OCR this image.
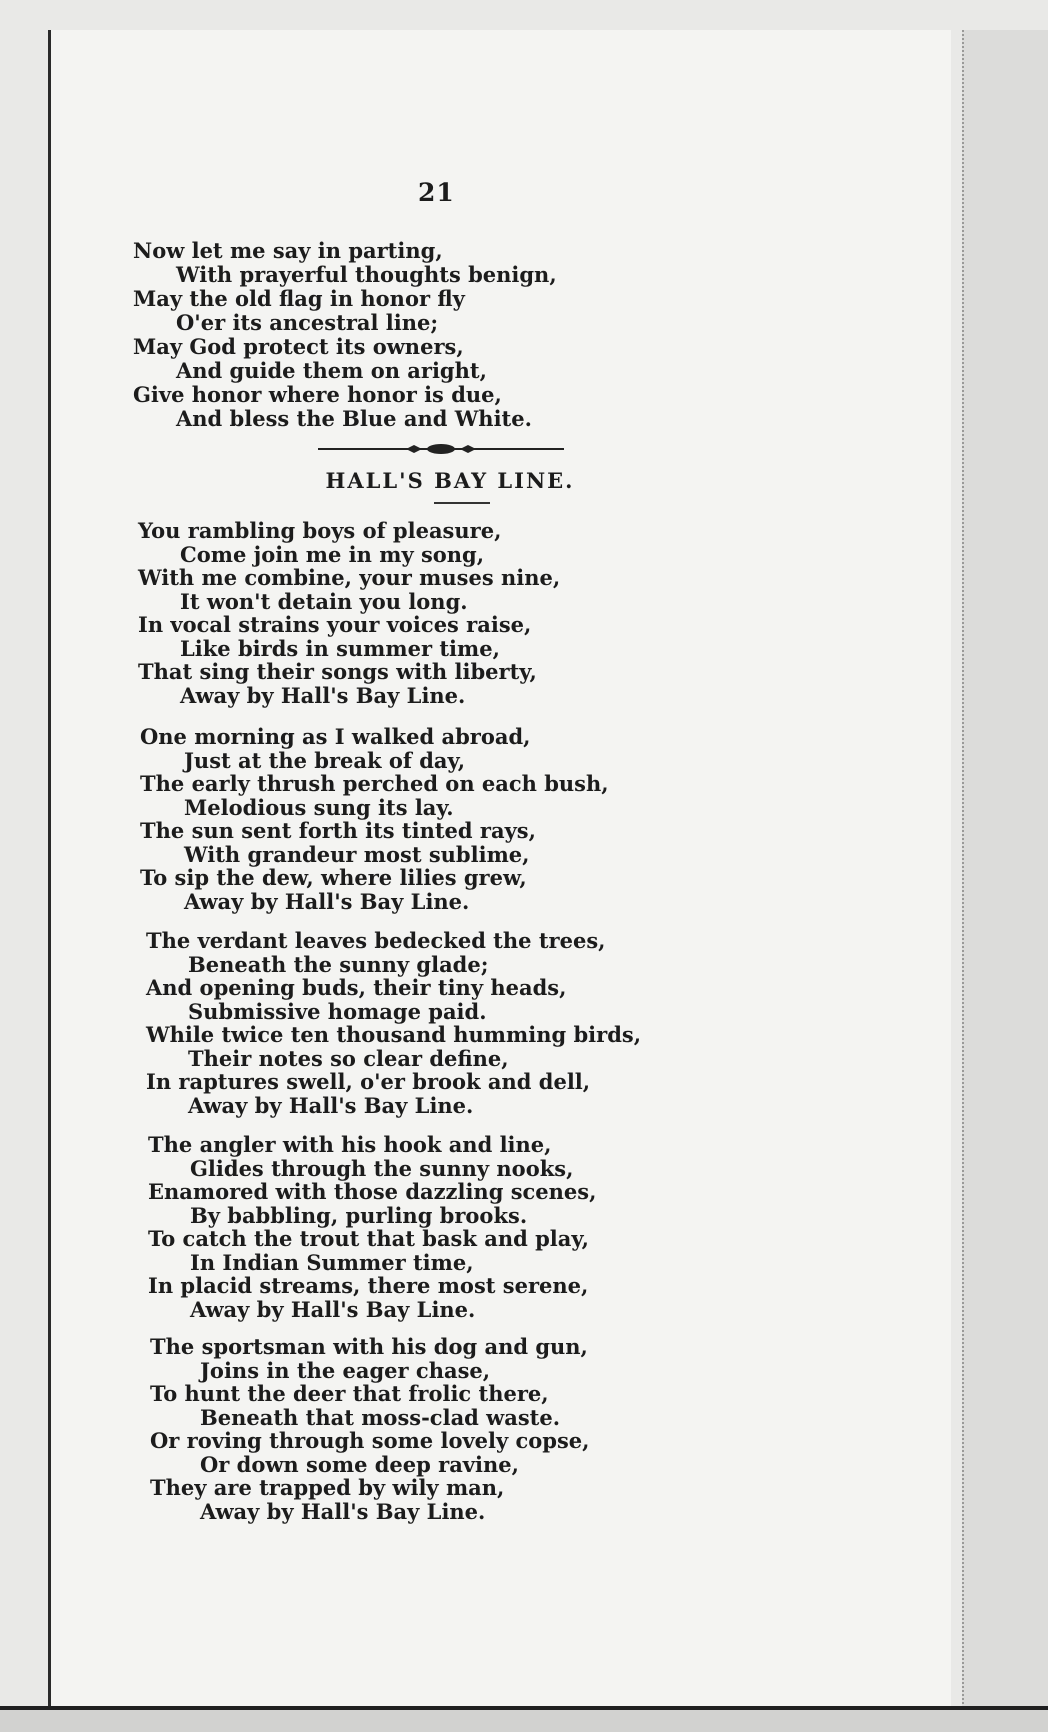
21
Now let me say in parting,
With prayerful thoughts benign,
May the old flag in honor fly
O'er its ancestral line;
May God protect its owners,
And guide them on aright,
Give honor where honor is due,
And bless the Blue and White.
HALL'S BAY LINE.
You rambling boys of pleasure,
Come join me in my song,
With me combine, your muses nine,
It won't detain you long.
In vocal strains your voices raise,
Like birds in summer time,
That sing their songs with liberty,
Away by Hall's Bay Line.
One morning as I walked abroad,
Just at the break of day,
The early thrush perched on each bush,
Melodious sung its lay.
The sun sent forth its tinted rays,
With grandeur most sublime,
To sip the dew, where lilies grew,
Away by Hall's Bay Line.
The verdant leaves bedecked the trees,
Beneath the sunny glade;
And opening buds, their tiny heads,
Submissive homage paid.
While twice ten thousand humming birds,
Their notes so clear define,
In raptures swell, o'er brook and dell,
Away by Hall's Bay Line.
The angler with his hook and line,
Glides through the sunny nooks,
Enamored with those dazzling scenes,
By babbling, purling brooks.
To catch the trout that bask and play,
In Indian Summer time,
In placid streams, there most serene,
Away by Hall's Bay Line.
The sportsman with his dog and gun,
Joins in the eager chase,
To hunt the deer that frolic there,
Beneath that moss-clad waste.
Or roving through some lovely copse,
Or down some deep ravine,
They are trapped by wily man,
Away by Hall's Bay Line.
